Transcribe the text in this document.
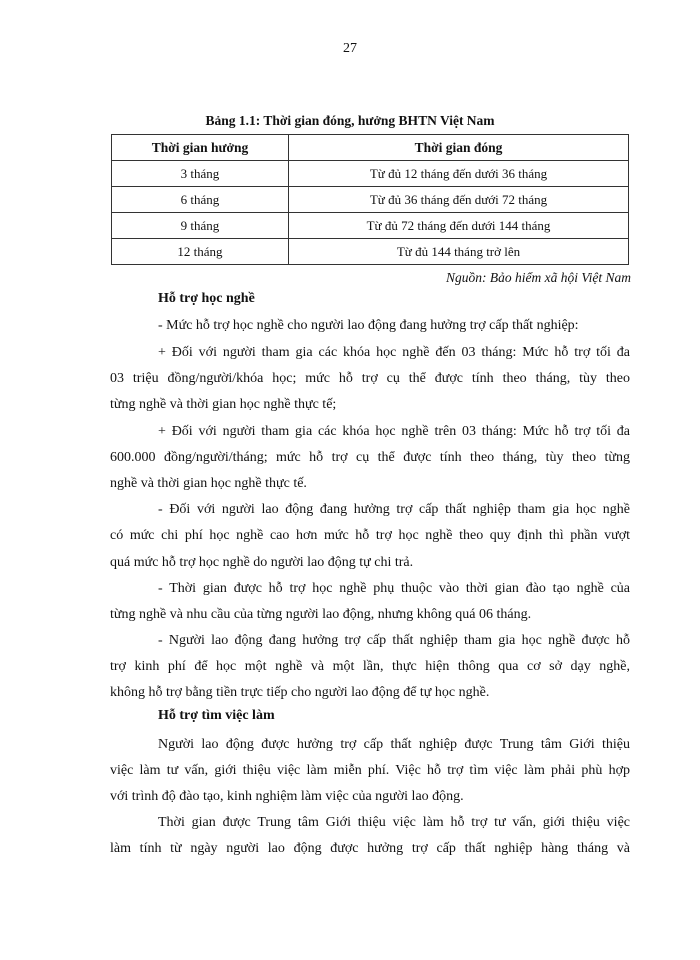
27
Bảng 1.1: Thời gian đóng, hưởng BHTN Việt Nam
Thời gian hưởng	Thời gian đóng
3 tháng	Từ đủ 12 tháng đến dưới 36 tháng
6 tháng	Từ đủ 36 tháng đến dưới 72 tháng
9 tháng	Từ đủ 72 tháng đến dưới 144 tháng
12 tháng	Từ đủ 144 tháng trở lên
Nguồn: Bảo hiểm xã hội Việt Nam
Hỗ trợ học nghề
- Mức hỗ trợ học nghề cho người lao động đang hưởng trợ cấp thất nghiệp:
+ Đối với người tham gia các khóa học nghề đến 03 tháng: Mức hỗ trợ tối đa
03 triệu đồng/người/khóa học; mức hỗ trợ cụ thể được tính theo tháng, tùy theo
từng nghề và thời gian học nghề thực tế;
+ Đối với người tham gia các khóa học nghề trên 03 tháng: Mức hỗ trợ tối đa
600.000 đồng/người/tháng; mức hỗ trợ cụ thể được tính theo tháng, tùy theo từng
nghề và thời gian học nghề thực tế.
- Đối với người lao động đang hưởng trợ cấp thất nghiệp tham gia học nghề
có mức chi phí học nghề cao hơn mức hỗ trợ học nghề theo quy định thì phần vượt
quá mức hỗ trợ học nghề do người lao động tự chi trả.
- Thời gian được hỗ trợ học nghề phụ thuộc vào thời gian đào tạo nghề của
từng nghề và nhu cầu của từng người lao động, nhưng không quá 06 tháng.
- Người lao động đang hưởng trợ cấp thất nghiệp tham gia học nghề được hỗ
trợ kinh phí để học một nghề và một lần, thực hiện thông qua cơ sở dạy nghề,
không hỗ trợ bằng tiền trực tiếp cho người lao động để tự học nghề.
Hỗ trợ tìm việc làm
Người lao động được hưởng trợ cấp thất nghiệp được Trung tâm Giới thiệu
việc làm tư vấn, giới thiệu việc làm miễn phí. Việc hỗ trợ tìm việc làm phải phù hợp
với trình độ đào tạo, kinh nghiệm làm việc của người lao động.
Thời gian được Trung tâm Giới thiệu việc làm hỗ trợ tư vấn, giới thiệu việc
làm tính từ ngày người lao động được hưởng trợ cấp thất nghiệp hàng tháng và
